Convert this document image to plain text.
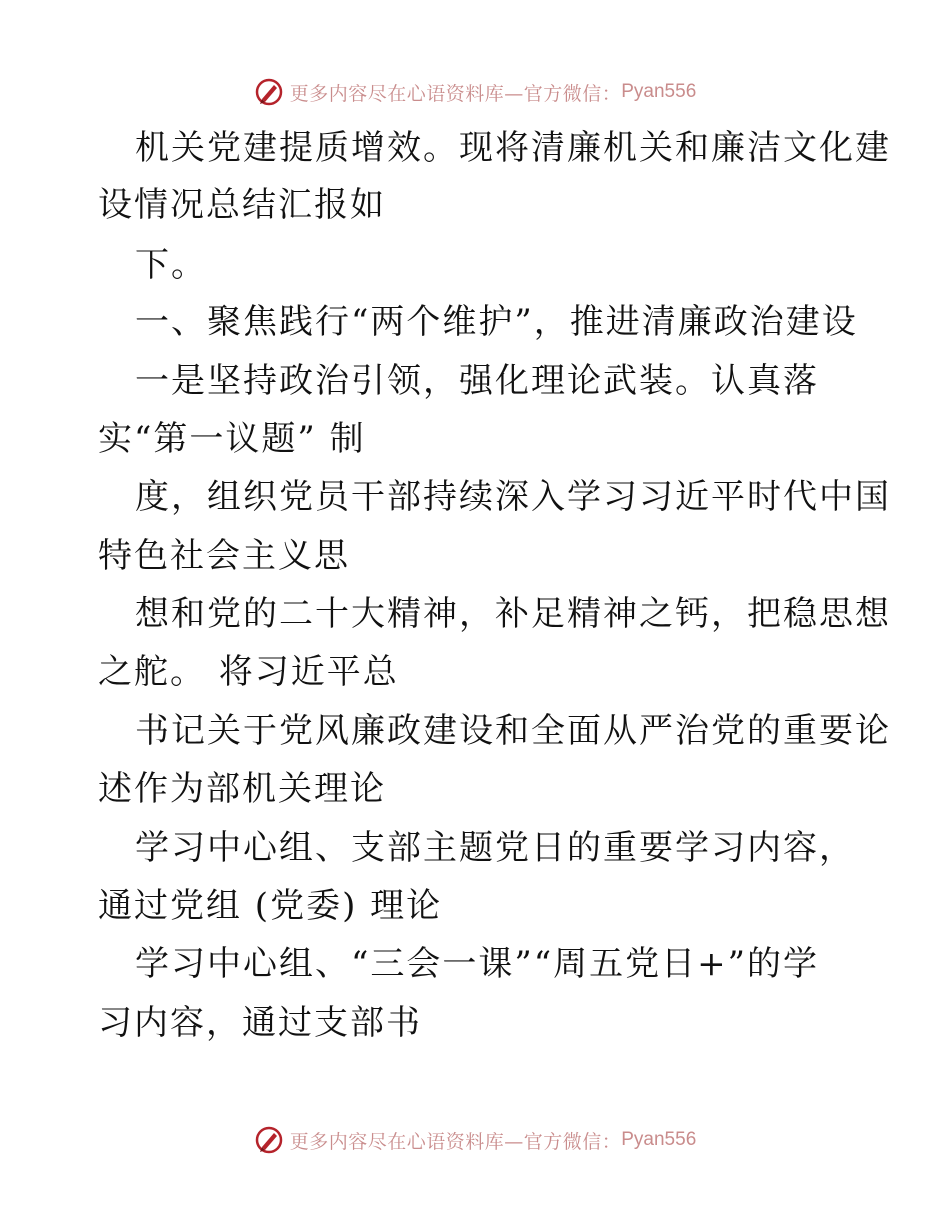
更多内容尽在心语资料库—官方微信： Pyan556
机关党建提质增效。现将清廉机关和廉洁文化建
设情况总结汇报如
下。
一、聚焦践行“两个维护”，推进清廉政治建设
一是坚持政治引领，强化理论武装。认真落
实“第一议题” 制
度，组织党员干部持续深入学习习近平时代中国
特色社会主义思
想和党的二十大精神，补足精神之钙，把稳思想
之舵。 将习近平总
书记关于党风廉政建设和全面从严治党的重要论
述作为部机关理论
学习中心组、支部主题党日的重要学习内容，
通过党组 (党委) 理论
学习中心组、“三会一课”“周五党日+”的学
习内容，通过支部书
更多内容尽在心语资料库—官方微信： Pyan556
